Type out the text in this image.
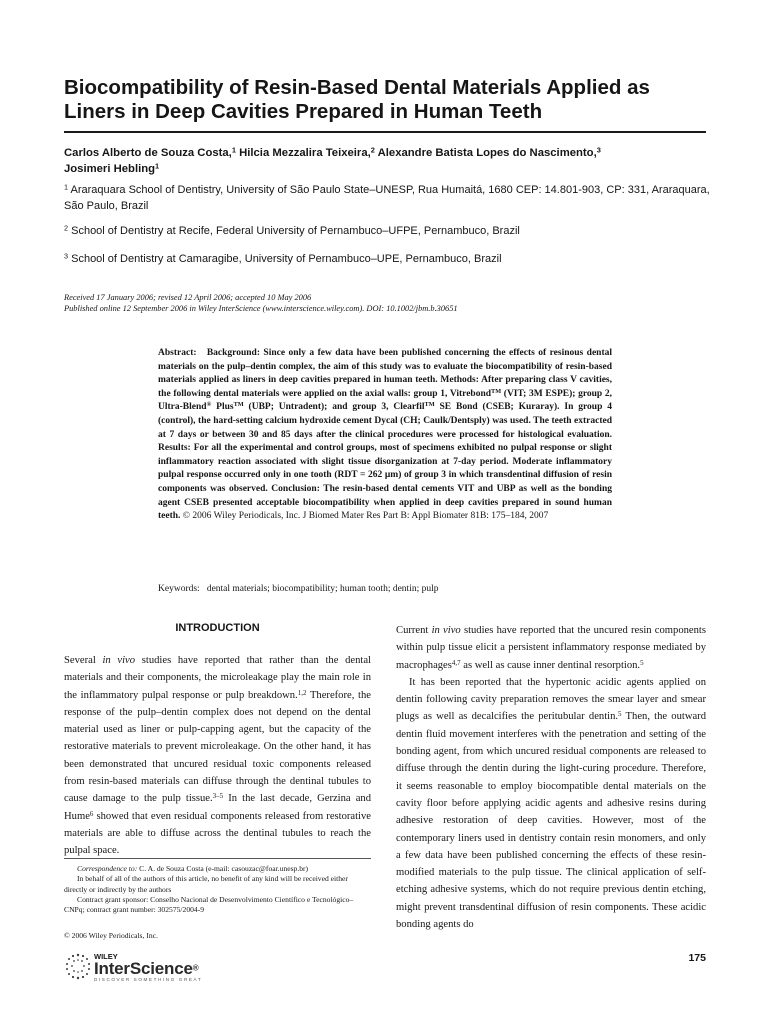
Biocompatibility of Resin-Based Dental Materials Applied as Liners in Deep Cavities Prepared in Human Teeth
Carlos Alberto de Souza Costa,$^1$ Hilcia Mezzalira Teixeira,$^2$ Alexandre Batista Lopes do Nascimento,$^3$
Josimeri Hebling$^1$
$^1$ Araraquara School of Dentistry, University of São Paulo State–UNESP, Rua Humaitá, 1680 CEP: 14.801-903, CP: 331, Araraquara, São Paulo, Brazil
$^2$ School of Dentistry at Recife, Federal University of Pernambuco–UFPE, Pernambuco, Brazil
$^3$ School of Dentistry at Camaragibe, University of Pernambuco–UPE, Pernambuco, Brazil
Received 17 January 2006; revised 12 April 2006; accepted 10 May 2006
Published online 12 September 2006 in Wiley InterScience (www.interscience.wiley.com). DOI: 10.1002/jbm.b.30651
Abstract: Background: Since only a few data have been published concerning the effects of resinous dental materials on the pulp–dentin complex, the aim of this study was to evaluate the biocompatibility of resin-based materials applied as liners in deep cavities prepared in human teeth. Methods: After preparing class V cavities, the following dental materials were applied on the axial walls: group 1, Vitrebond™ (VIT; 3M ESPE); group 2, Ultra-Blend® Plus™ (UBP; Untradent); and group 3, Clearfil™ SE Bond (CSEB; Kuraray). In group 4 (control), the hard-setting calcium hydroxide cement Dycal (CH; Caulk/Dentsply) was used. The teeth extracted at 7 days or between 30 and 85 days after the clinical procedures were processed for histological evaluation. Results: For all the experimental and control groups, most of specimens exhibited no pulpal response or slight inflammatory reaction associated with slight tissue disorganization at 7-day period. Moderate inflammatory pulpal response occurred only in one tooth (RDT = 262 μm) of group 3 in which transdentinal diffusion of resin components was observed. Conclusion: The resin-based dental cements VIT and UBP as well as the bonding agent CSEB presented acceptable biocompatibility when applied in deep cavities prepared in sound human teeth. © 2006 Wiley Periodicals, Inc. J Biomed Mater Res Part B: Appl Biomater 81B: 175–184, 2007
Keywords: dental materials; biocompatibility; human tooth; dentin; pulp
INTRODUCTION

Several in vivo studies have reported that rather than the dental materials and their components, the microleakage play the main role in the inflammatory pulpal response or pulp breakdown.$^{1,2}$ Therefore, the response of the pulp–dentin complex does not depend on the dental material used as liner or pulp-capping agent, but the capacity of the restorative materials to prevent microleakage. On the other hand, it has been demonstrated that uncured residual toxic components released from resin-based materials can diffuse through the dentinal tubules to cause damage to the pulp tissue.$^{3-5}$ In the last decade, Gerzina and Hume$^6$ showed that even residual components released from restorative materials are able to diffuse across the dentinal tubules to reach the pulpal space.

Current in vivo studies have reported that the uncured resin components within pulp tissue elicit a persistent inflammatory response mediated by macrophages$^{4,7}$ as well as cause inner dentinal resorption.$^5$

It has been reported that the hypertonic acidic agents applied on dentin following cavity preparation removes the smear layer and smear plugs as well as decalcifies the peritubular dentin.$^5$ Then, the outward dentin fluid movement interferes with the penetration and setting of the bonding agent, from which uncured residual components are released to diffuse through the dentin during the light-curing procedure. Therefore, it seems reasonable to employ biocompatible dental materials on the cavity floor before applying acidic agents and adhesive resins during adhesive restoration of deep cavities. However, most of the contemporary liners used in dentistry contain resin monomers, and only a few data have been published concerning the effects of these resin-modified materials to the pulp tissue. The clinical application of self-etching adhesive systems, which do not require previous dentin etching, might prevent transdentinal diffusion of resin components. These acidic bonding agents do

Correspondence to: C. A. de Souza Costa (e-mail: casouzac@foar.unesp.br)

In behalf of all of the authors of this article, no benefit of any kind will be received either directly or indirectly by the authors

Contract grant sponsor: Conselho Nacional de Desenvolvimento Científico e Tecnológico–CNPq; contract grant number: 302575/2004-9

© 2006 Wiley Periodicals, Inc.
WILEY
InterScience®
DISCOVER SOMETHING GREAT
175
